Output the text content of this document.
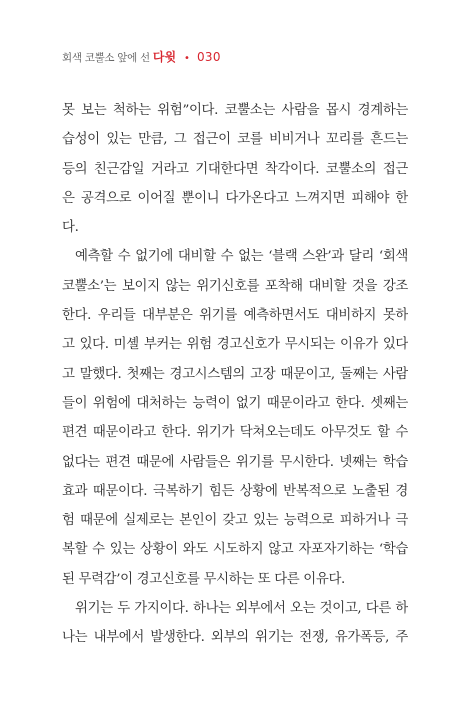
회색 코뿔소 앞에 선 다윗 • 030
못 보는 척하는 위험”이다. 코뿔소는 사람을 몹시 경계하는
습성이 있는 만큼, 그 접근이 코를 비비거나 꼬리를 흔드는
등의 친근감일 거라고 기대한다면 착각이다. 코뿔소의 접근
은 공격으로 이어질 뿐이니 다가온다고 느껴지면 피해야 한
다.
예측할 수 없기에 대비할 수 없는 ‘블랙 스완’과 달리 ‘회색
코뿔소’는 보이지 않는 위기신호를 포착해 대비할 것을 강조
한다. 우리들 대부분은 위기를 예측하면서도 대비하지 못하
고 있다. 미셸 부커는 위험 경고신호가 무시되는 이유가 있다
고 말했다. 첫째는 경고시스템의 고장 때문이고, 둘째는 사람
들이 위험에 대처하는 능력이 없기 때문이라고 한다. 셋째는
편견 때문이라고 한다. 위기가 닥쳐오는데도 아무것도 할 수
없다는 편견 때문에 사람들은 위기를 무시한다. 넷째는 학습
효과 때문이다. 극복하기 힘든 상황에 반복적으로 노출된 경
험 때문에 실제로는 본인이 갖고 있는 능력으로 피하거나 극
복할 수 있는 상황이 와도 시도하지 않고 자포자기하는 ‘학습
된 무력감’이 경고신호를 무시하는 또 다른 이유다.
위기는 두 가지이다. 하나는 외부에서 오는 것이고, 다른 하
나는 내부에서 발생한다. 외부의 위기는 전쟁, 유가폭등, 주
